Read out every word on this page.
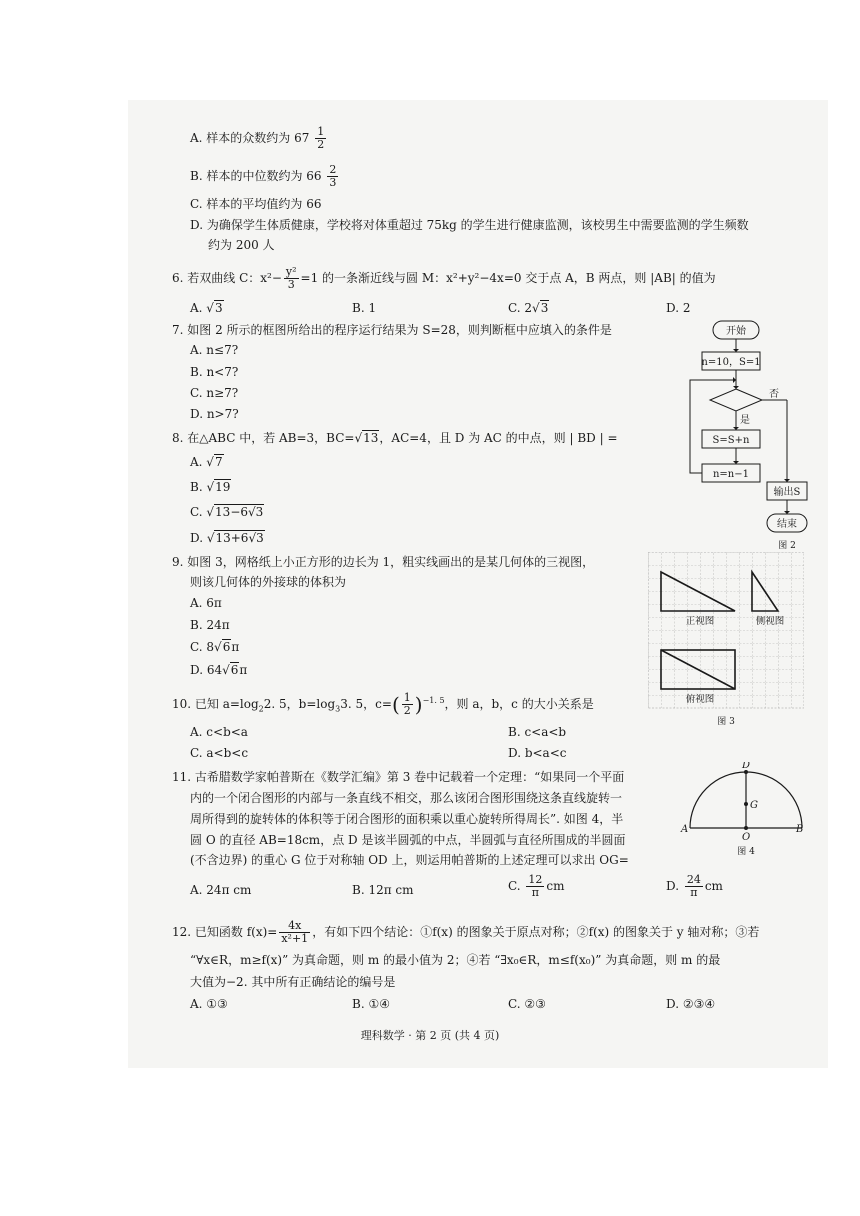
A. 样本的众数约为 $67 \frac{1}{2}$
B. 样本的中位数约为 $66 \frac{2}{3}$
C. 样本的平均值约为 66
D. 为确保学生体质健康，学校将对体重超过 75kg 的学生进行健康监测，该校男生中需要监测的学生频数
约为 200 人
6. 若双曲线 C：$x^2- \frac{\text{y²}}{3} =1$ 的一条渐近线与圆 M：x²+y²−4x=0 交于点 A，B 两点，则 |AB| 的值为
A. √3	B. 1	C. 2√3	D. 2
7. 如图 2 所示的框图所给出的程序运行结果为 S=28，则判断框中应填入的条件是
A. n≤7?
B. n<7?
C. n≥7?
D. n>7?
开始
n=10，S=1
否
是
S=S+n
n=n−1
输出S
结束
图 2
8. 在△ABC 中，若 AB=3，BC=√13，AC=4，且 D 为 AC 的中点，则 | BD | =
A. √7
B. √19
C. √13−6√3
D. √13+6√3
9. 如图 3，网格纸上小正方形的边长为 1，粗实线画出的是某几何体的三视图，
则该几何体的外接球的体积为
A. 6π
B. 24π
C. 8√6π
D. 64√6π
正视图	侧视图
俯视图
图 3
10. 已知 $a=\log_22$. 5，$b=\log_33$. 5，$c=( \frac{1}{2} )^{-1. 5}$，则 a，b，c 的大小关系是
A. c<b<a	B. c<a<b
C. a<b<c	D. b<a<c
11. 古希腊数学家帕普斯在《数学汇编》第 3 卷中记载着一个定理：“如果同一个平面
内的一个闭合图形的内部与一条直线不相交，那么该闭合图形围绕这条直线旋转一
周所得到的旋转体的体积等于闭合图形的面积乘以重心旋转所得周长”. 如图 4，半
圆 O 的直径 AB=18cm，点 D 是该半圆弧的中点，半圆弧与直径所围成的半圆面
(不含边界) 的重心 G 位于对称轴 OD 上，则运用帕普斯的上述定理可以求出 OG=
A. 24π cm	B. 12π cm	C. $\frac{12}{\pi}$ cm	D. $\frac{24}{\pi}$ cm
D
G
A
O
B
图 4
12. 已知函数 $f(x)= \frac{4x}{\text{x²+1}}$ ，有如下四个结论：①f(x) 的图象关于原点对称；②f(x) 的图象关于 y 轴对称；③若
“∀x∈R，m≥f(x)” 为真命题，则 m 的最小值为 2；④若 “∃x₀∈R，m≤f(x₀)” 为真命题，则 m 的最
大值为−2. 其中所有正确结论的编号是
A. ①③	B. ①④	C. ②③	D. ②③④
理科数学 · 第 2 页 (共 4 页)
